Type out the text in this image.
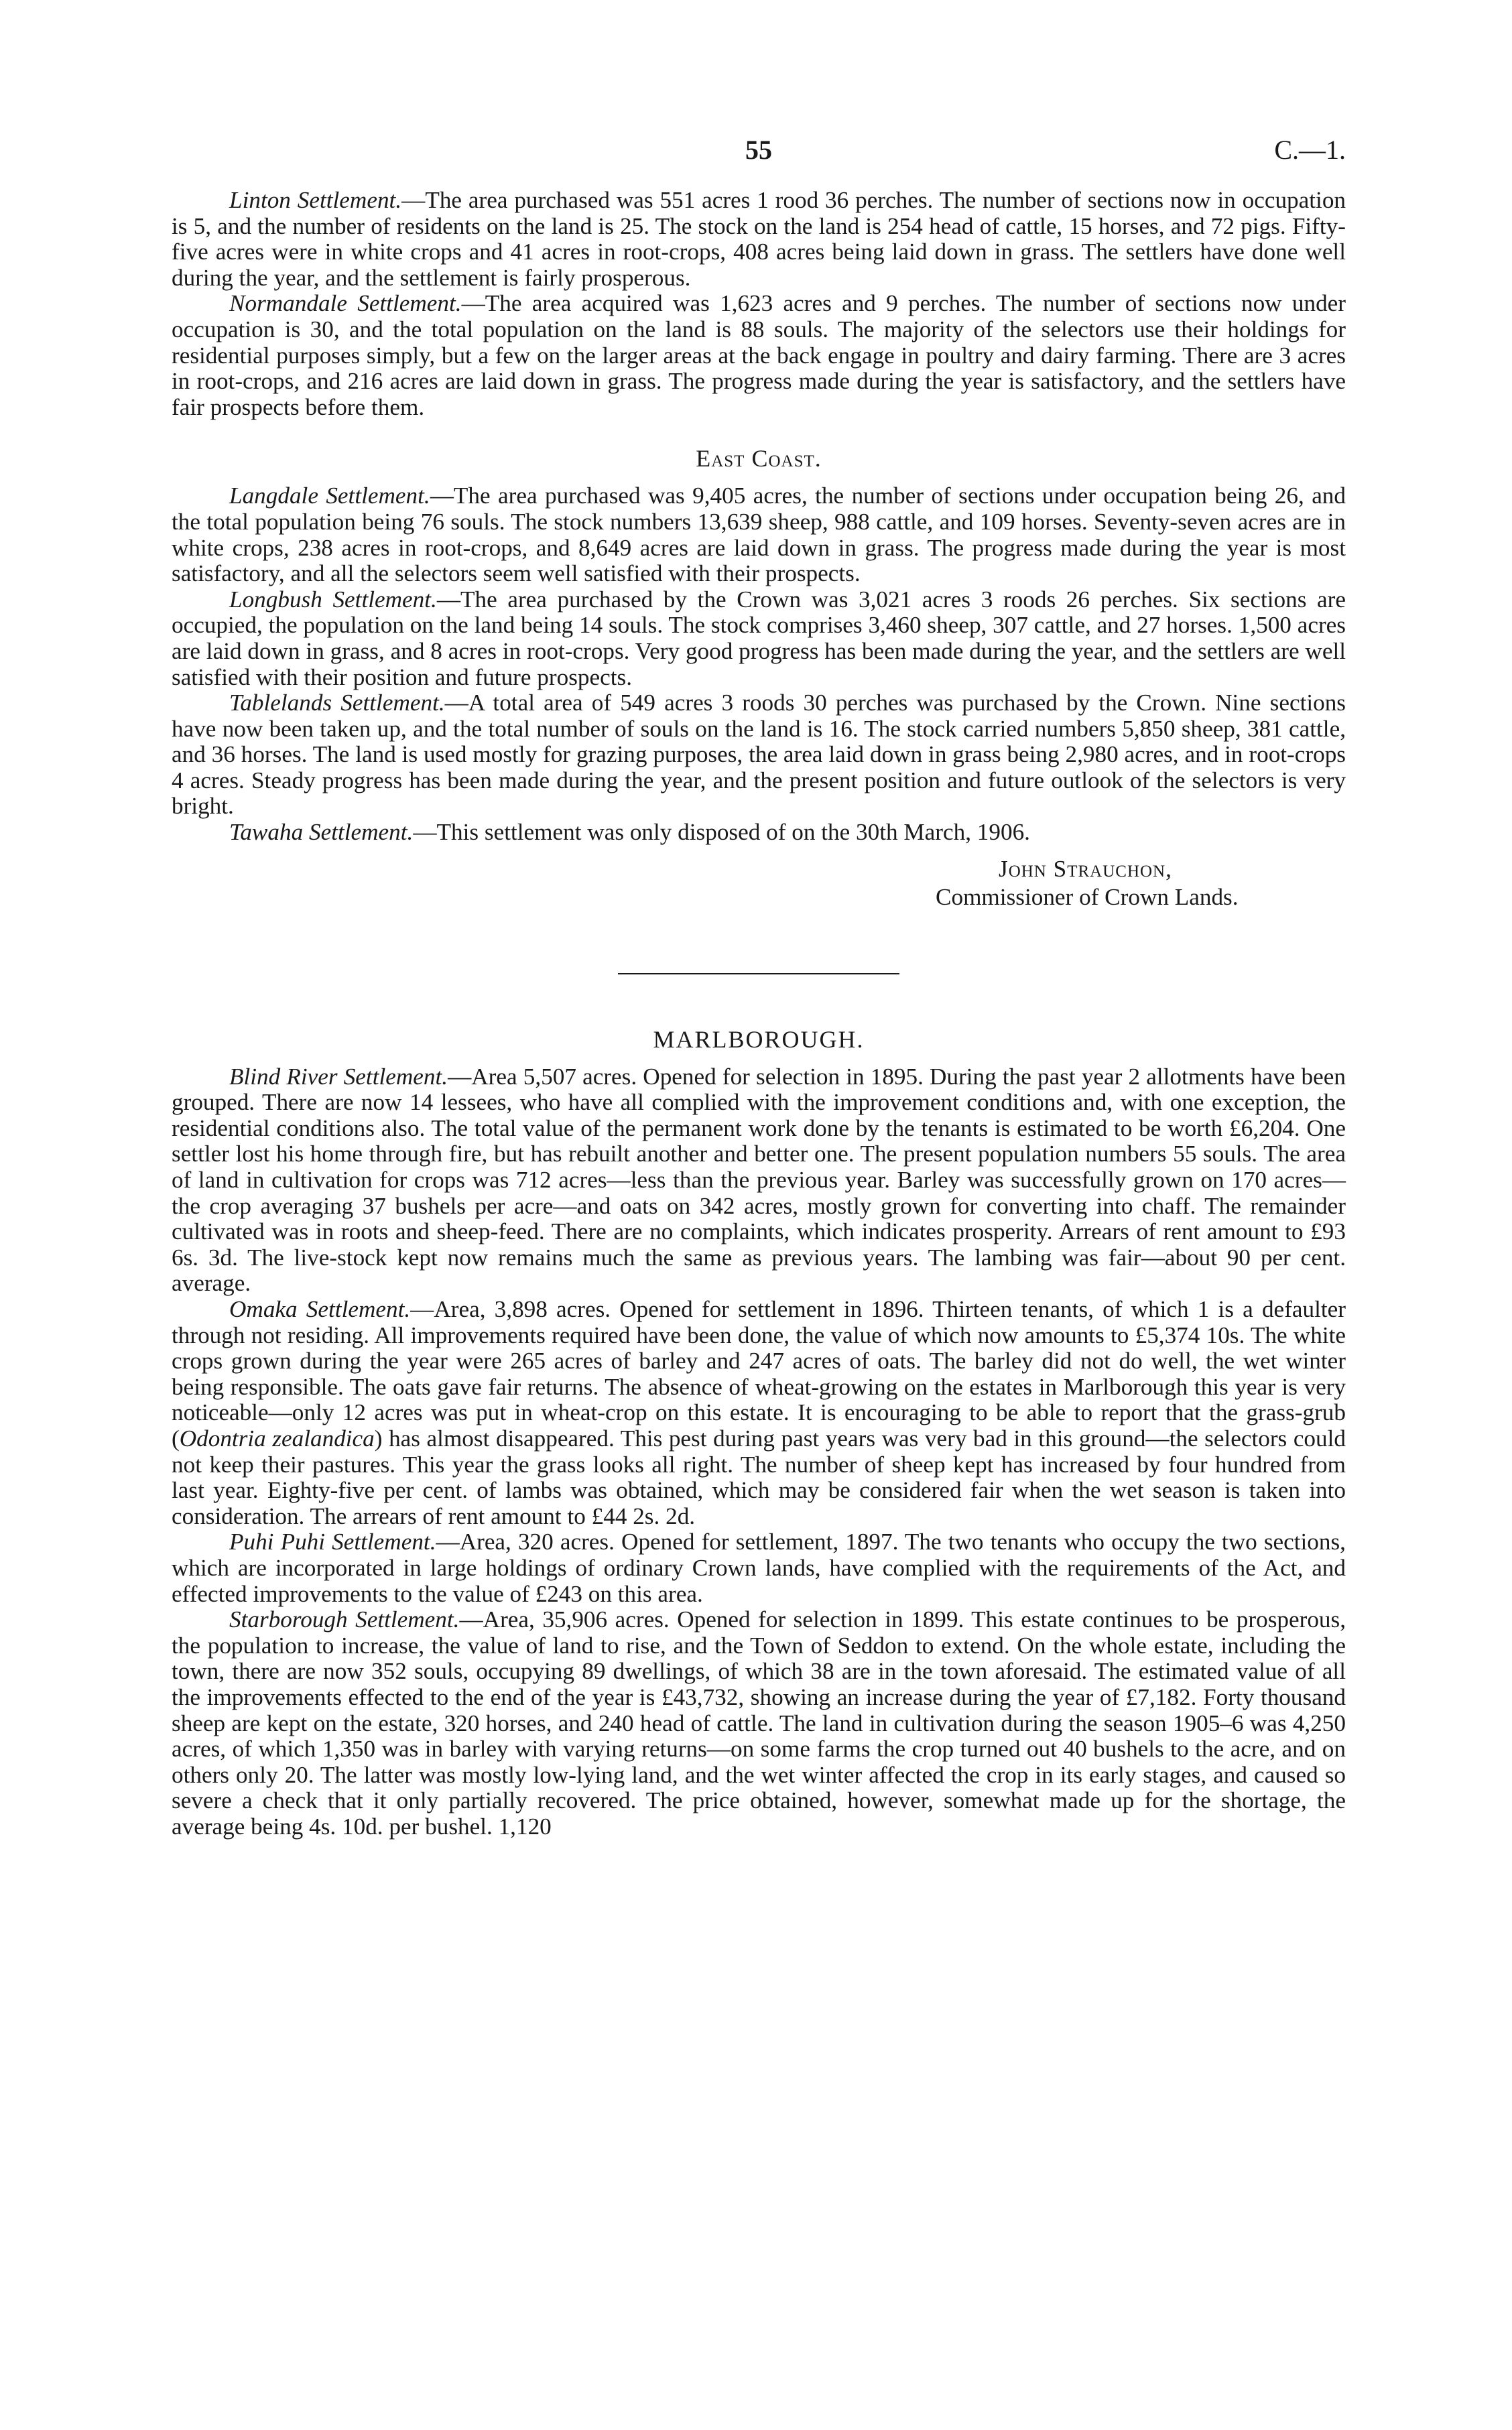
55	C.—1.

Linton Settlement.—The area purchased was 551 acres 1 rood 36 perches. The number of sections now in occupation is 5, and the number of residents on the land is 25. The stock on the land is 254 head of cattle, 15 horses, and 72 pigs. Fifty-five acres were in white crops and 41 acres in root-crops, 408 acres being laid down in grass. The settlers have done well during the year, and the settlement is fairly prosperous.

Normandale Settlement.—The area acquired was 1,623 acres and 9 perches. The number of sections now under occupation is 30, and the total population on the land is 88 souls. The majority of the selectors use their holdings for residential purposes simply, but a few on the larger areas at the back engage in poultry and dairy farming. There are 3 acres in root-crops, and 216 acres are laid down in grass. The progress made during the year is satisfactory, and the settlers have fair prospects before them.

East Coast.

Langdale Settlement.—The area purchased was 9,405 acres, the number of sections under occupation being 26, and the total population being 76 souls. The stock numbers 13,639 sheep, 988 cattle, and 109 horses. Seventy-seven acres are in white crops, 238 acres in root-crops, and 8,649 acres are laid down in grass. The progress made during the year is most satisfactory, and all the selectors seem well satisfied with their prospects.

Longbush Settlement.—The area purchased by the Crown was 3,021 acres 3 roods 26 perches. Six sections are occupied, the population on the land being 14 souls. The stock comprises 3,460 sheep, 307 cattle, and 27 horses. 1,500 acres are laid down in grass, and 8 acres in root-crops. Very good progress has been made during the year, and the settlers are well satisfied with their position and future prospects.

Tablelands Settlement.—A total area of 549 acres 3 roods 30 perches was purchased by the Crown. Nine sections have now been taken up, and the total number of souls on the land is 16. The stock carried numbers 5,850 sheep, 381 cattle, and 36 horses. The land is used mostly for grazing purposes, the area laid down in grass being 2,980 acres, and in root-crops 4 acres. Steady progress has been made during the year, and the present position and future outlook of the selectors is very bright.

Tawaha Settlement.—This settlement was only disposed of on the 30th March, 1906.

John Strauchon,
Commissioner of Crown Lands.
MARLBOROUGH.

Blind River Settlement.—Area 5,507 acres. Opened for selection in 1895. During the past year 2 allotments have been grouped. There are now 14 lessees, who have all complied with the improvement conditions and, with one exception, the residential conditions also. The total value of the permanent work done by the tenants is estimated to be worth £6,204. One settler lost his home through fire, but has rebuilt another and better one. The present population numbers 55 souls. The area of land in cultivation for crops was 712 acres—less than the previous year. Barley was successfully grown on 170 acres—the crop averaging 37 bushels per acre—and oats on 342 acres, mostly grown for converting into chaff. The remainder cultivated was in roots and sheep-feed. There are no complaints, which indicates prosperity. Arrears of rent amount to £93 6s. 3d. The live-stock kept now remains much the same as previous years. The lambing was fair—about 90 per cent. average.

Omaka Settlement.—Area, 3,898 acres. Opened for settlement in 1896. Thirteen tenants, of which 1 is a defaulter through not residing. All improvements required have been done, the value of which now amounts to £5,374 10s. The white crops grown during the year were 265 acres of barley and 247 acres of oats. The barley did not do well, the wet winter being responsible. The oats gave fair returns. The absence of wheat-growing on the estates in Marlborough this year is very noticeable—only 12 acres was put in wheat-crop on this estate. It is encouraging to be able to report that the grass-grub (Odontria zealandica) has almost disappeared. This pest during past years was very bad in this ground—the selectors could not keep their pastures. This year the grass looks all right. The number of sheep kept has increased by four hundred from last year. Eighty-five per cent. of lambs was obtained, which may be considered fair when the wet season is taken into consideration. The arrears of rent amount to £44 2s. 2d.

Puhi Puhi Settlement.—Area, 320 acres. Opened for settlement, 1897. The two tenants who occupy the two sections, which are incorporated in large holdings of ordinary Crown lands, have complied with the requirements of the Act, and effected improvements to the value of £243 on this area.

Starborough Settlement.—Area, 35,906 acres. Opened for selection in 1899. This estate continues to be prosperous, the population to increase, the value of land to rise, and the Town of Seddon to extend. On the whole estate, including the town, there are now 352 souls, occupying 89 dwellings, of which 38 are in the town aforesaid. The estimated value of all the improvements effected to the end of the year is £43,732, showing an increase during the year of £7,182. Forty thousand sheep are kept on the estate, 320 horses, and 240 head of cattle. The land in cultivation during the season 1905–6 was 4,250 acres, of which 1,350 was in barley with varying returns—on some farms the crop turned out 40 bushels to the acre, and on others only 20. The latter was mostly low-lying land, and the wet winter affected the crop in its early stages, and caused so severe a check that it only partially recovered. The price obtained, however, somewhat made up for the shortage, the average being 4s. 10d. per bushel. 1,120
